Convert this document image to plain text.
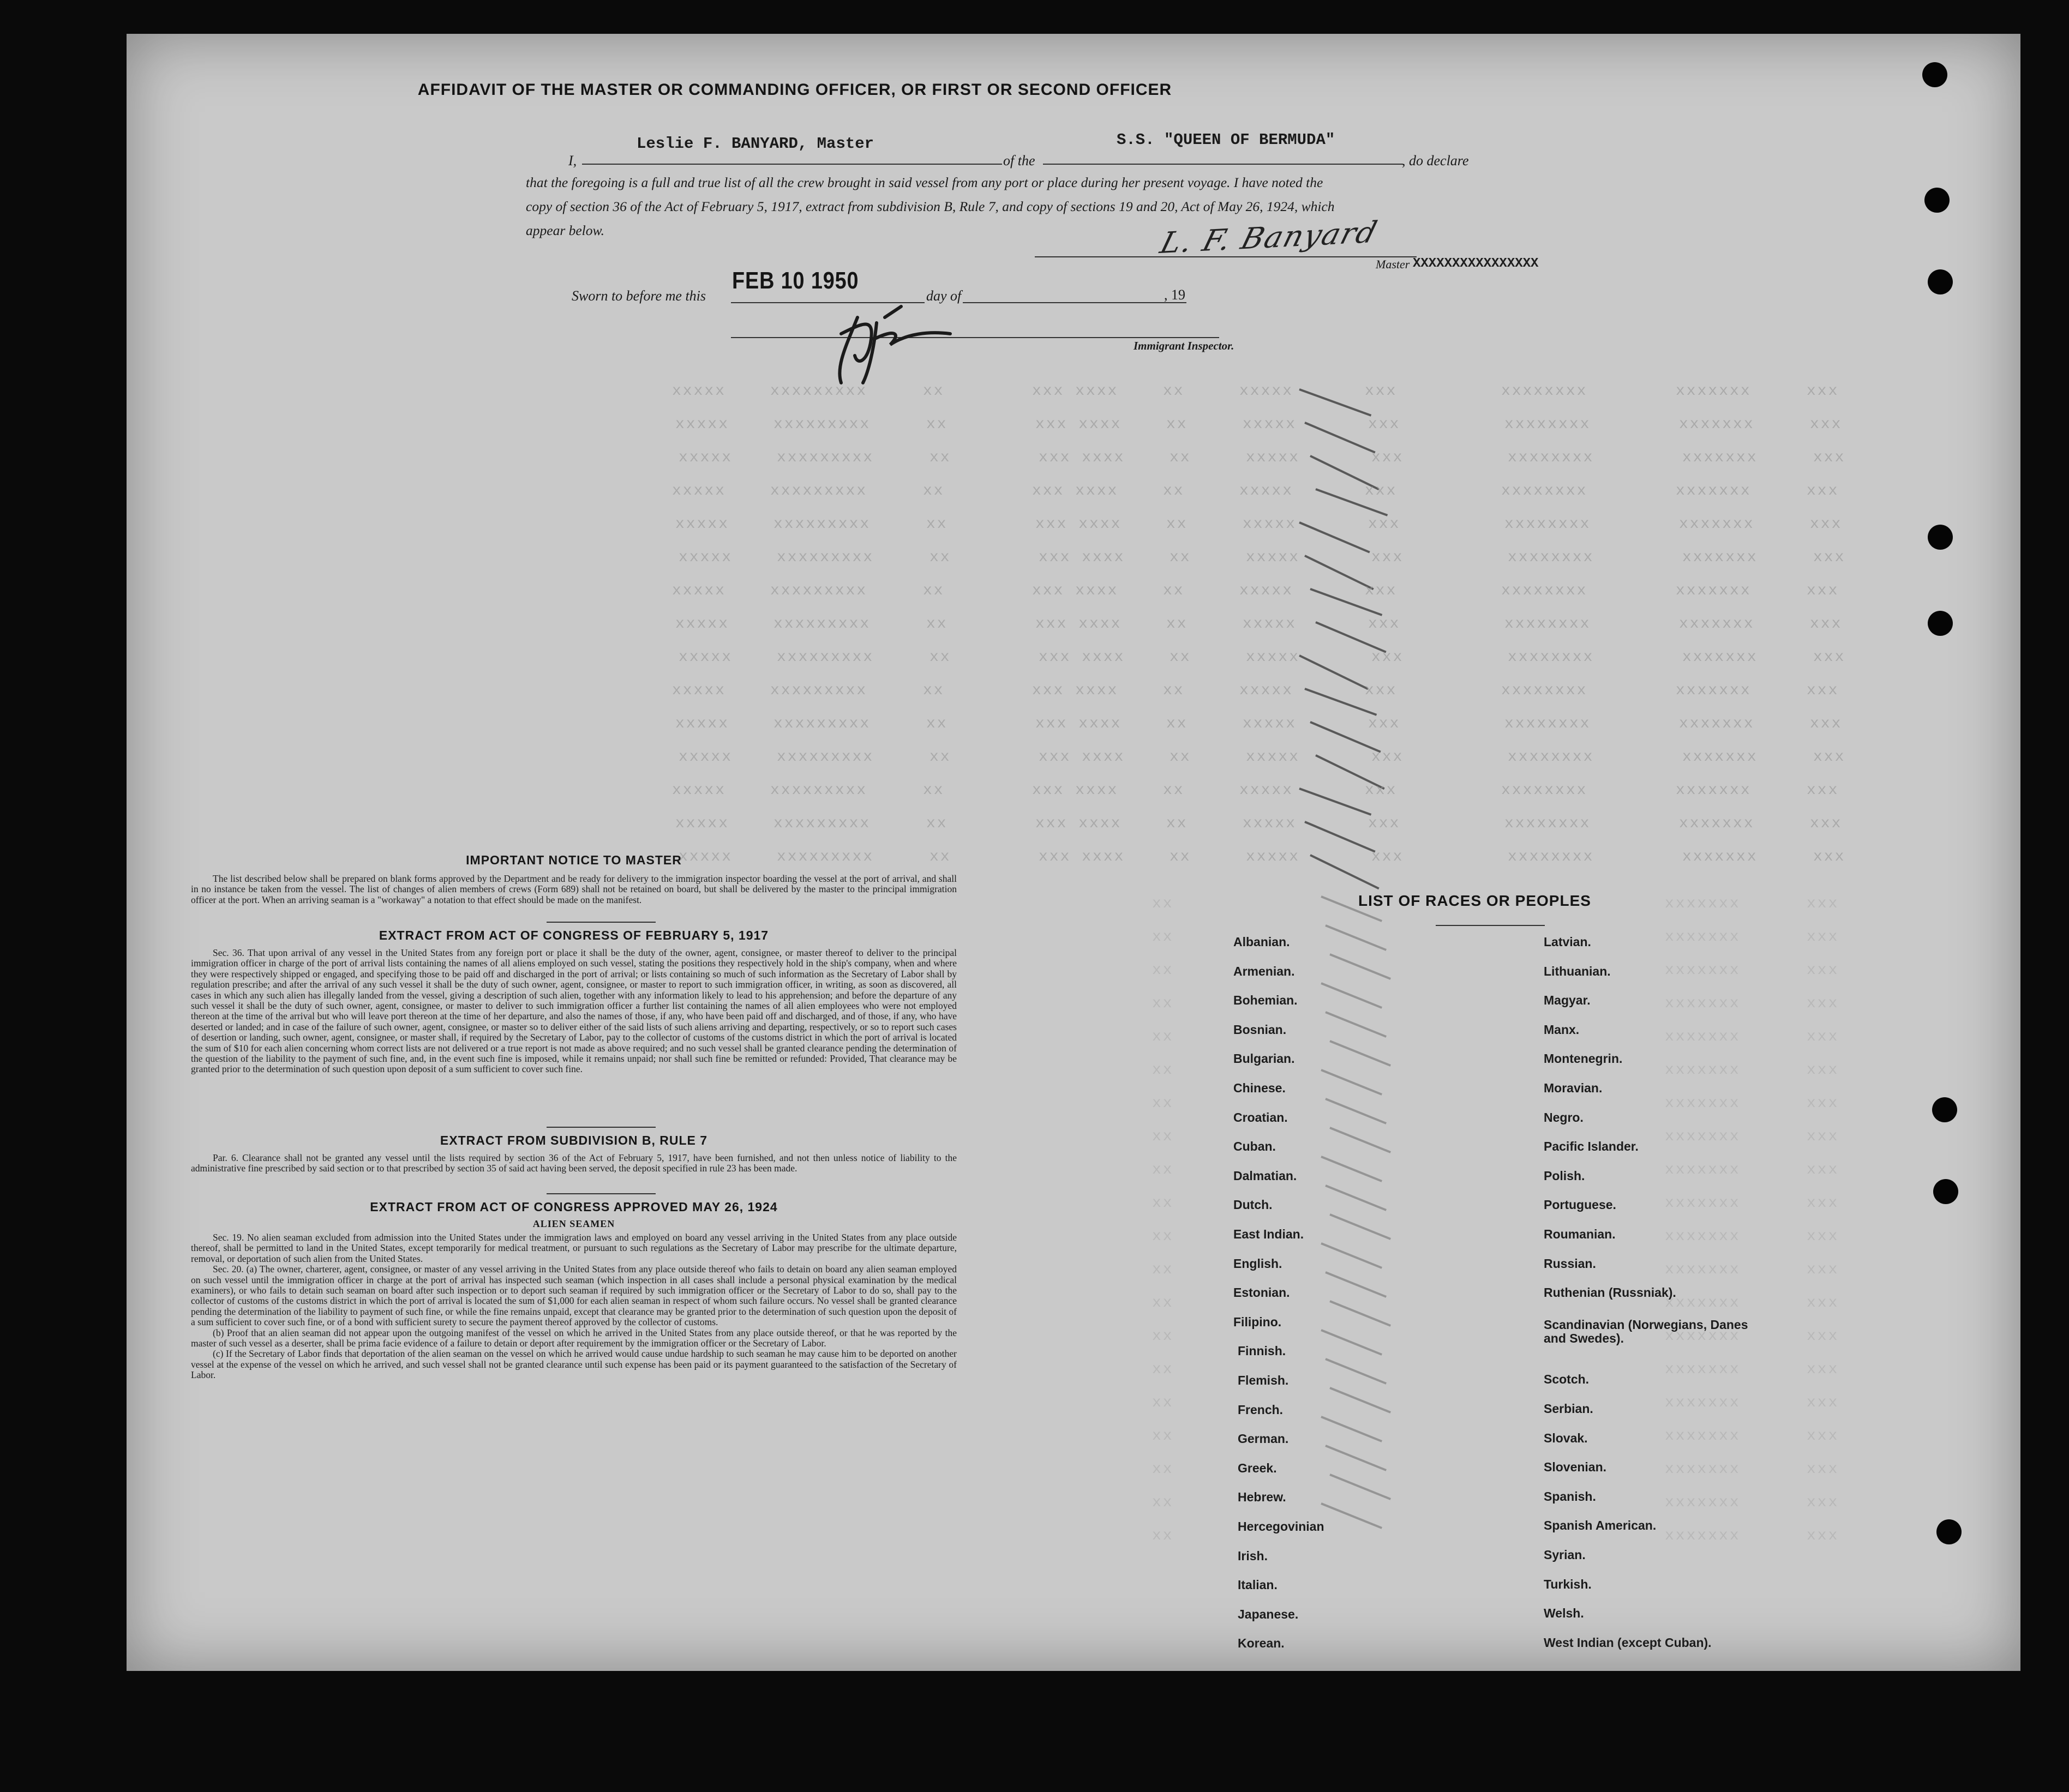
xxxxx	xxxxxxxxx	xx	xxx xxxx	xx	xxxxx	xxx	xxxxxxxx	xxxxxxx	xxx
xxxxx	xxxxxxxxx	xx	xxx xxxx	xx	xxxxx	xxx	xxxxxxxx	xxxxxxx	xxx
xxxxx	xxxxxxxxx	xx	xxx xxxx	xx	xxxxx	xxx	xxxxxxxx	xxxxxxx	xxx
xxxxx	xxxxxxxxx	xx	xxx xxxx	xx	xxxxx	xxx	xxxxxxxx	xxxxxxx	xxx
xxxxx	xxxxxxxxx	xx	xxx xxxx	xx	xxxxx	xxx	xxxxxxxx	xxxxxxx	xxx
xxxxx	xxxxxxxxx	xx	xxx xxxx	xx	xxxxx	xxx	xxxxxxxx	xxxxxxx	xxx
xxxxx	xxxxxxxxx	xx	xxx xxxx	xx	xxxxx	xxx	xxxxxxxx	xxxxxxx	xxx
xxxxx	xxxxxxxxx	xx	xxx xxxx	xx	xxxxx	xxx	xxxxxxxx	xxxxxxx	xxx
xxxxx	xxxxxxxxx	xx	xxx xxxx	xx	xxxxx	xxx	xxxxxxxx	xxxxxxx	xxx
xxxxx	xxxxxxxxx	xx	xxx xxxx	xx	xxxxx	xxx	xxxxxxxx	xxxxxxx	xxx
xxxxx	xxxxxxxxx	xx	xxx xxxx	xx	xxxxx	xxx	xxxxxxxx	xxxxxxx	xxx
xxxxx	xxxxxxxxx	xx	xxx xxxx	xx	xxxxx	xxx	xxxxxxxx	xxxxxxx	xxx
xxxxx	xxxxxxxxx	xx	xxx xxxx	xx	xxxxx	xxx	xxxxxxxx	xxxxxxx	xxx
xxxxx	xxxxxxxxx	xx	xxx xxxx	xx	xxxxx	xxx	xxxxxxxx	xxxxxxx	xxx
xxxxx	xxxxxxxxx	xx	xxx xxxx	xx	xxxxx	xxx	xxxxxxxx	xxxxxxx	xxx
xx	xxxxxxx	xxx
xx	xxxxxxx	xxx
xx	xxxxxxx	xxx
xx	xxxxxxx	xxx
xx	xxxxxxx	xxx
xx	xxxxxxx	xxx
xx	xxxxxxx	xxx
xx	xxxxxxx	xxx
xx	xxxxxxx	xxx
xx	xxxxxxx	xxx
xx	xxxxxxx	xxx
xx	xxxxxxx	xxx
xx	xxxxxxx	xxx
xx	xxxxxxx	xxx
xx	xxxxxxx	xxx
xx	xxxxxxx	xxx
xx	xxxxxxx	xxx
xx	xxxxxxx	xxx
xx	xxxxxxx	xxx
xx	xxxxxxx	xxx
AFFIDAVIT OF THE MASTER OR COMMANDING OFFICER, OR FIRST OR SECOND OFFICER
I,
Leslie F. BANYARD, Master
of the
S.S. "QUEEN OF BERMUDA"
, do declare
that the foregoing is a full and true list of all the crew brought in said vessel from any port or place during her present voyage. I have noted the
copy of section 36 of the Act of February 5, 1917, extract from subdivision B, Rule 7, and copy of sections 19 and 20, Act of May 26, 1924, which
appear below.	L. F. Banyard
Master XXXXXXXXXXXXXXXX
Sworn to before me this
FEB 10 1950
day of	, 19
Immigrant Inspector.
IMPORTANT NOTICE TO MASTER
The list described below shall be prepared on blank forms approved by the Department and be ready for delivery to the immigration inspector boarding the vessel at the port of arrival, and shall in no instance be taken from the vessel. The list of changes of alien members of crews (Form 689) shall not be retained on board, but shall be delivered by the master to the principal immigration officer at the port. When an arriving seaman is a "workaway" a notation to that effect should be made on the manifest.
EXTRACT FROM ACT OF CONGRESS OF FEBRUARY 5, 1917
Sec. 36. That upon arrival of any vessel in the United States from any foreign port or place it shall be the duty of the owner, agent, consignee, or master thereof to deliver to the principal immigration officer in charge of the port of arrival lists containing the names of all aliens employed on such vessel, stating the positions they respectively hold in the ship's company, when and where they were respectively shipped or engaged, and specifying those to be paid off and discharged in the port of arrival; or lists containing so much of such information as the Secretary of Labor shall by regulation prescribe; and after the arrival of any such vessel it shall be the duty of such owner, agent, consignee, or master to report to such immigration officer, in writing, as soon as discovered, all cases in which any such alien has illegally landed from the vessel, giving a description of such alien, together with any information likely to lead to his apprehension; and before the departure of any such vessel it shall be the duty of such owner, agent, consignee, or master to deliver to such immigration officer a further list containing the names of all alien employees who were not employed thereon at the time of the arrival but who will leave port thereon at the time of her departure, and also the names of those, if any, who have been paid off and discharged, and of those, if any, who have deserted or landed; and in case of the failure of such owner, agent, consignee, or master so to deliver either of the said lists of such aliens arriving and departing, respectively, or so to report such cases of desertion or landing, such owner, agent, consignee, or master shall, if required by the Secretary of Labor, pay to the collector of customs of the customs district in which the port of arrival is located the sum of $10 for each alien concerning whom correct lists are not delivered or a true report is not made as above required; and no such vessel shall be granted clearance pending the determination of the question of the liability to the payment of such fine, and, in the event such fine is imposed, while it remains unpaid; nor shall such fine be remitted or refunded: Provided, That clearance may be granted prior to the determination of such question upon deposit of a sum sufficient to cover such fine.
EXTRACT FROM SUBDIVISION B, RULE 7
Par. 6. Clearance shall not be granted any vessel until the lists required by section 36 of the Act of February 5, 1917, have been furnished, and not then unless notice of liability to the administrative fine prescribed by said section or to that prescribed by section 35 of said act having been served, the deposit specified in rule 23 has been made.
EXTRACT FROM ACT OF CONGRESS APPROVED MAY 26, 1924
ALIEN SEAMEN
Sec. 19. No alien seaman excluded from admission into the United States under the immigration laws and employed on board any vessel arriving in the United States from any place outside thereof, shall be permitted to land in the United States, except temporarily for medical treatment, or pursuant to such regulations as the Secretary of Labor may prescribe for the ultimate departure, removal, or deportation of such alien from the United States.
Sec. 20. (a) The owner, charterer, agent, consignee, or master of any vessel arriving in the United States from any place outside thereof who fails to detain on board any alien seaman employed on such vessel until the immigration officer in charge at the port of arrival has inspected such seaman (which inspection in all cases shall include a personal physical examination by the medical examiners), or who fails to detain such seaman on board after such inspection or to deport such seaman if required by such immigration officer or the Secretary of Labor to do so, shall pay to the collector of customs of the customs district in which the port of arrival is located the sum of $1,000 for each alien seaman in respect of whom such failure occurs. No vessel shall be granted clearance pending the determination of the liability to payment of such fine, or while the fine remains unpaid, except that clearance may be granted prior to the determination of such question upon the deposit of a sum sufficient to cover such fine, or of a bond with sufficient surety to secure the payment thereof approved by the collector of customs.
(b) Proof that an alien seaman did not appear upon the outgoing manifest of the vessel on which he arrived in the United States from any place outside thereof, or that he was reported by the master of such vessel as a deserter, shall be prima facie evidence of a failure to detain or deport after requirement by the immigration officer or the Secretary of Labor.
(c) If the Secretary of Labor finds that deportation of the alien seaman on the vessel on which he arrived would cause undue hardship to such seaman he may cause him to be deported on another vessel at the expense of the vessel on which he arrived, and such vessel shall not be granted clearance until such expense has been paid or its payment guaranteed to the satisfaction of the Secretary of Labor.
LIST OF RACES OR PEOPLES
Albanian.
Armenian.
Bohemian.
Bosnian.
Bulgarian.
Chinese.
Croatian.
Cuban.
Dalmatian.
Dutch.
East Indian.
English.
Estonian.
Filipino.
Finnish.
Flemish.
French.
German.
Greek.
Hebrew.
Hercegovinian
Irish.
Italian.
Japanese.
Korean.
Latvian.
Lithuanian.
Magyar.
Manx.
Montenegrin.
Moravian.
Negro.
Pacific Islander.
Polish.
Portuguese.
Roumanian.
Russian.
Ruthenian (Russniak).
Scandinavian (Norwegians, Danes and Swedes).
Scotch.
Serbian.
Slovak.
Slovenian.
Spanish.
Spanish American.
Syrian.
Turkish.
Welsh.
West Indian (except Cuban).
